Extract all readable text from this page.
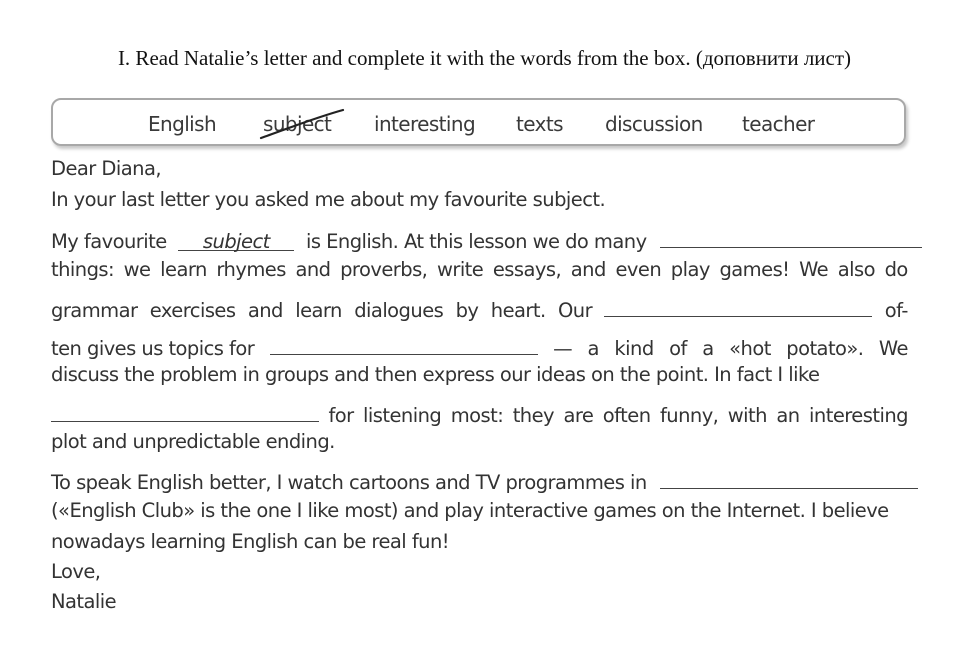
I. Read Natalie’s letter and complete it with the words from the box. (доповнити лист)
English subject interesting texts discussion teacher
Dear Diana,
In your last letter you asked me about my favourite subject.
My favourite subject is English. At this lesson we do many
things: we learn rhymes and proverbs, write essays, and even play games! We also do
grammar exercises and learn dialogues by heart. Our	of-
ten gives us topics for	— a kind of a «hot potato». We
discuss the problem in groups and then express our ideas on the point. In fact I like
for listening most: they are often funny, with an interesting
plot and unpredictable ending.
To speak English better, I watch cartoons and TV programmes in
(«English Club» is the one I like most) and play interactive games on the Internet. I believe
nowadays learning English can be real fun!
Love,
Natalie
